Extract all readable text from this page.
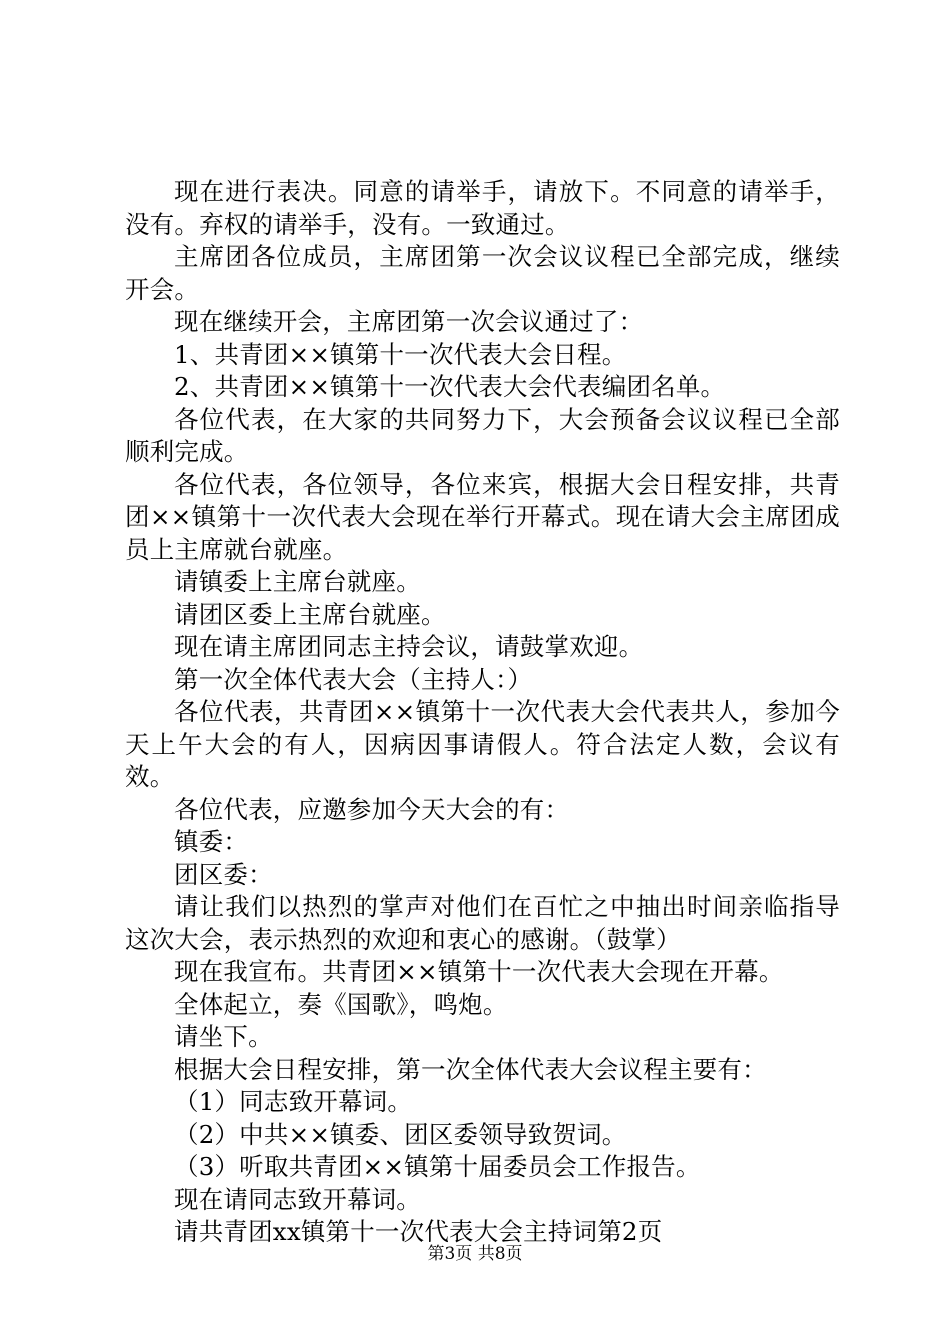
现在进行表决。同意的请举手，请放下。不同意的请举手，没有。弃权的请举手，没有。一致通过。

主席团各位成员，主席团第一次会议议程已全部完成，继续开会。

现在继续开会，主席团第一次会议通过了：

1、共青团××镇第十一次代表大会日程。

2、共青团××镇第十一次代表大会代表编团名单。

各位代表，在大家的共同努力下，大会预备会议议程已全部顺利完成。

各位代表，各位领导，各位来宾，根据大会日程安排，共青团××镇第十一次代表大会现在举行开幕式。现在请大会主席团成员上主席就台就座。

请镇委上主席台就座。

请团区委上主席台就座。

现在请主席团同志主持会议，请鼓掌欢迎。

第一次全体代表大会（主持人：）

各位代表，共青团××镇第十一次代表大会代表共人，参加今天上午大会的有人，因病因事请假人。符合法定人数，会议有效。

各位代表，应邀参加今天大会的有：

镇委：

团区委：

请让我们以热烈的掌声对他们在百忙之中抽出时间亲临指导这次大会，表示热烈的欢迎和衷心的感谢。（鼓掌）

现在我宣布。共青团××镇第十一次代表大会现在开幕。

全体起立，奏《国歌》，鸣炮。

请坐下。

根据大会日程安排，第一次全体代表大会议程主要有：

（1）同志致开幕词。

（2）中共××镇委、团区委领导致贺词。

（3）听取共青团××镇第十届委员会工作报告。

现在请同志致开幕词。

请共青团xx镇第十一次代表大会主持词第2页

第3页 共8页
